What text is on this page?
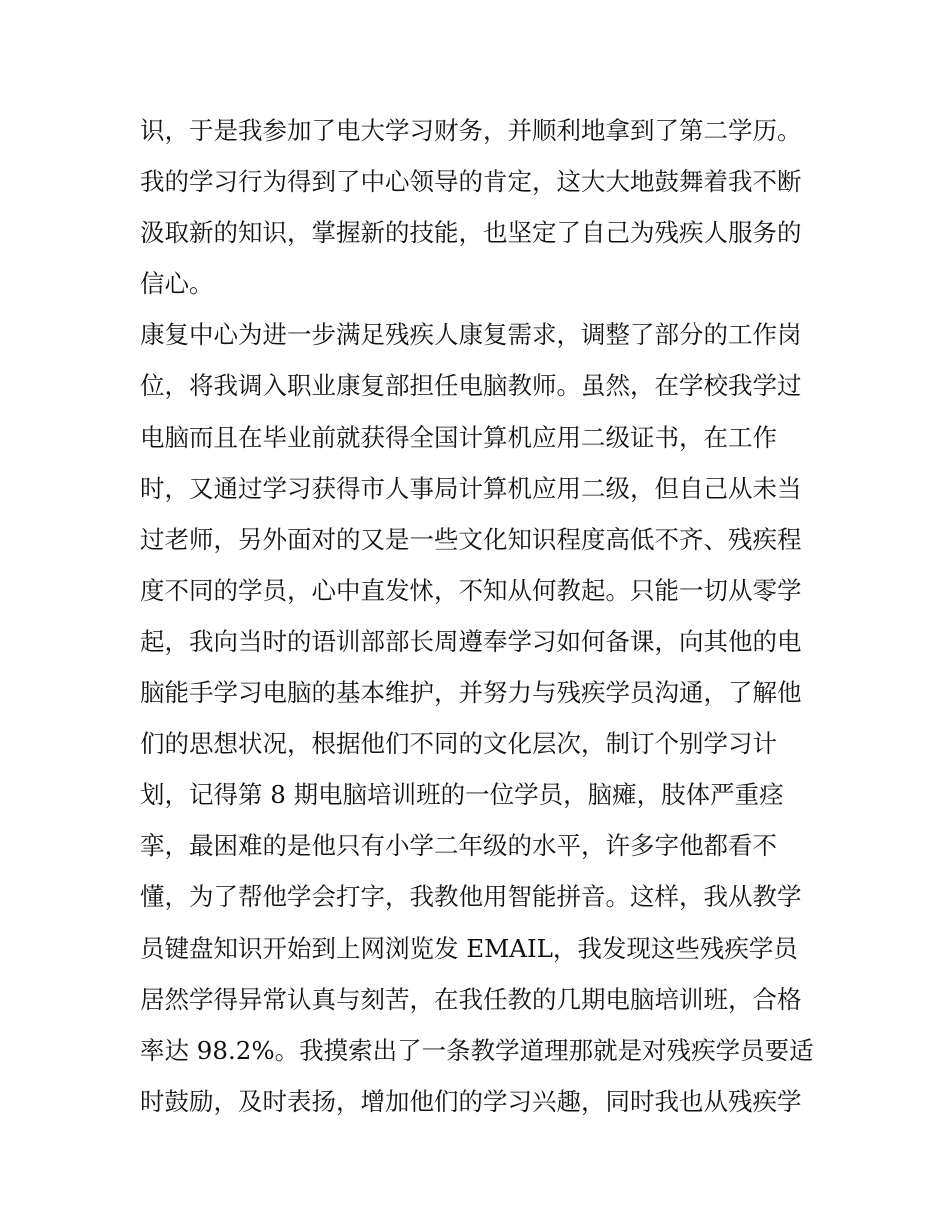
识，于是我参加了电大学习财务，并顺利地拿到了第二学历。
我的学习行为得到了中心领导的肯定，这大大地鼓舞着我不断
汲取新的知识，掌握新的技能，也坚定了自己为残疾人服务的
信心。
康复中心为进一步满足残疾人康复需求，调整了部分的工作岗
位，将我调入职业康复部担任电脑教师。虽然，在学校我学过
电脑而且在毕业前就获得全国计算机应用二级证书，在工作
时，又通过学习获得市人事局计算机应用二级，但自己从未当
过老师，另外面对的又是一些文化知识程度高低不齐、残疾程
度不同的学员，心中直发怵，不知从何教起。只能一切从零学
起，我向当时的语训部部长周遵奉学习如何备课，向其他的电
脑能手学习电脑的基本维护，并努力与残疾学员沟通，了解他
们的思想状况，根据他们不同的文化层次，制订个别学习计
划，记得第 8 期电脑培训班的一位学员，脑瘫，肢体严重痉
挛，最困难的是他只有小学二年级的水平，许多字他都看不
懂，为了帮他学会打字，我教他用智能拼音。这样，我从教学
员键盘知识开始到上网浏览发 EMAIL，我发现这些残疾学员
居然学得异常认真与刻苦，在我任教的几期电脑培训班，合格
率达 98.2%。我摸索出了一条教学道理那就是对残疾学员要适
时鼓励，及时表扬，增加他们的学习兴趣，同时我也从残疾学
